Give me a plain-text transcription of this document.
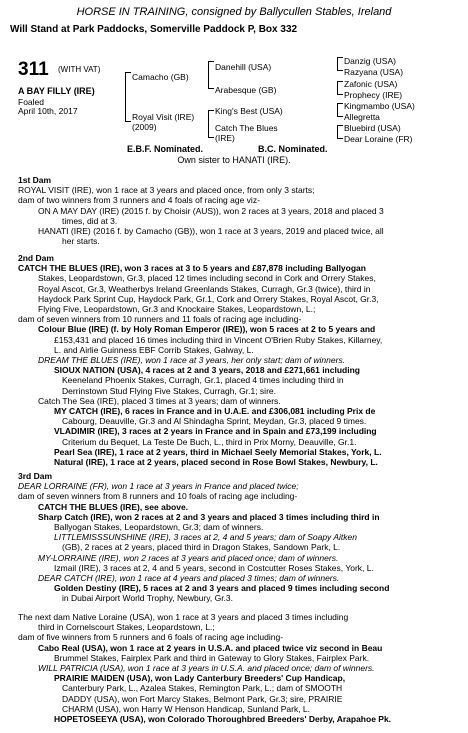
HORSE IN TRAINING, consigned by Ballycullen Stables, Ireland
Will Stand at Park Paddocks, Somerville Paddock P, Box 332
311 (WITH VAT)
A BAY FILLY (IRE)
Foaled
April 10th, 2017
Camacho (GB)
Royal Visit (IRE)
(2009)
Danehill (USA)
Arabesque (GB)
King's Best (USA)
Catch The Blues
(IRE)
Danzig (USA)
Razyana (USA)
Zafonic (USA)
Prophecy (IRE)
Kingmambo (USA)
Allegretta
Bluebird (USA)
Dear Loraine (FR)
E.B.F. Nominated.	B.C. Nominated.
Own sister to HANATI (IRE).

1st Dam

ROYAL VISIT (IRE), won 1 race at 3 years and placed once, from only 3 starts;

dam of two winners from 3 runners and 4 foals of racing age viz-

ON A MAY DAY (IRE) (2015 f. by Choisir (AUS)), won 2 races at 3 years, 2018 and placed 3

times, did at 3.

HANATI (IRE) (2016 f. by Camacho (GB)), won 1 race at 3 years, 2019 and placed twice, all

her starts.

2nd Dam

CATCH THE BLUES (IRE), won 3 races at 3 to 5 years and £87,878 including Ballyogan

Stakes, Leopardstown, Gr.3, placed 12 times including second in Cork and Orrery Stakes,

Royal Ascot, Gr.3, Weatherbys Ireland Greenlands Stakes, Curragh, Gr.3 (twice), third in

Haydock Park Sprint Cup, Haydock Park, Gr.1, Cork and Orrery Stakes, Royal Ascot, Gr.3,

Flying Five, Leopardstown, Gr.3 and Knockaire Stakes, Leopardstown, L.;

dam of seven winners from 10 runners and 11 foals of racing age including-

Colour Blue (IRE) (f. by Holy Roman Emperor (IRE)), won 5 races at 2 to 5 years and

£153,431 and placed 16 times including third in Vincent O'Brien Ruby Stakes, Killarney,

L. and Airlie Guinness EBF Corrib Stakes, Galway, L.

DREAM THE BLUES (IRE), won 1 race at 3 years, her only start; dam of winners.

SIOUX NATION (USA), 4 races at 2 and 3 years, 2018 and £271,661 including

Keeneland Phoenix Stakes, Curragh, Gr.1, placed 4 times including third in

Derrinstown Stud Flying Five Stakes, Curragh, Gr.1; sire.

Catch The Sea (IRE), placed 3 times at 3 years; dam of winners.

MY CATCH (IRE), 6 races in France and in U.A.E. and £306,081 including Prix de

Cabourg, Deauville, Gr.3 and Al Shindagha Sprint, Meydan, Gr.3, placed 9 times.

VLADIMIR (IRE), 3 races at 2 years in France and in Spain and £73,199 including

Criterium du Bequet, La Teste De Buch, L., third in Prix Morny, Deauville, Gr.1.

Pearl Sea (IRE), 1 race at 2 years, third in Michael Seely Memorial Stakes, York, L.

Natural (IRE), 1 race at 2 years, placed second in Rose Bowl Stakes, Newbury, L.

3rd Dam

DEAR LORRAINE (FR), won 1 race at 3 years in France and placed twice;

dam of seven winners from 8 runners and 10 foals of racing age including-

CATCH THE BLUES (IRE), see above.

Sharp Catch (IRE), won 2 races at 2 and 3 years and placed 3 times including third in

Ballyogan Stakes, Leopardstown, Gr.3; dam of winners.

LITTLEMISSSUNSHINE (IRE), 3 races at 2, 4 and 5 years; dam of Soapy Aitken

(GB), 2 races at 2 years, placed third in Dragon Stakes, Sandown Park, L.

MY-LORRAINE (IRE), won 2 races at 3 years and placed once; dam of winners.

Izmail (IRE), 3 races at 2, 4 and 5 years, second in Costcutter Roses Stakes, York, L.

DEAR CATCH (IRE), won 1 race at 4 years and placed 3 times; dam of winners.

Golden Destiny (IRE), 5 races at 2 and 3 years and placed 9 times including second

in Dubai Airport World Trophy, Newbury, Gr.3.

The next dam Native Loraine (USA), won 1 race at 3 years and placed 3 times including

third in Cornelscourt Stakes, Leopardstown, L.;

dam of five winners from 5 runners and 6 foals of racing age including-

Cabo Real (USA), won 1 race at 2 years in U.S.A. and placed twice viz second in Beau

Brummel Stakes, Fairplex Park and third in Gateway to Glory Stakes, Fairplex Park.

WILL PATRICIA (USA), won 1 race at 3 years in U.S.A. and placed once; dam of winners.

PRAIRIE MAIDEN (USA), won Lady Canterbury Breeders' Cup Handicap,

Canterbury Park, L., Azalea Stakes, Remington Park, L.; dam of SMOOTH

DADDY (USA), won Fort Marcy Stakes, Belmont Park, Gr.3; sire, PRAIRIE

CHARM (USA), won Harry W Henson Handicap, Sunland Park, L.

HOPETOSEEYA (USA), won Colorado Thoroughbred Breeders' Derby, Arapahoe Pk.
